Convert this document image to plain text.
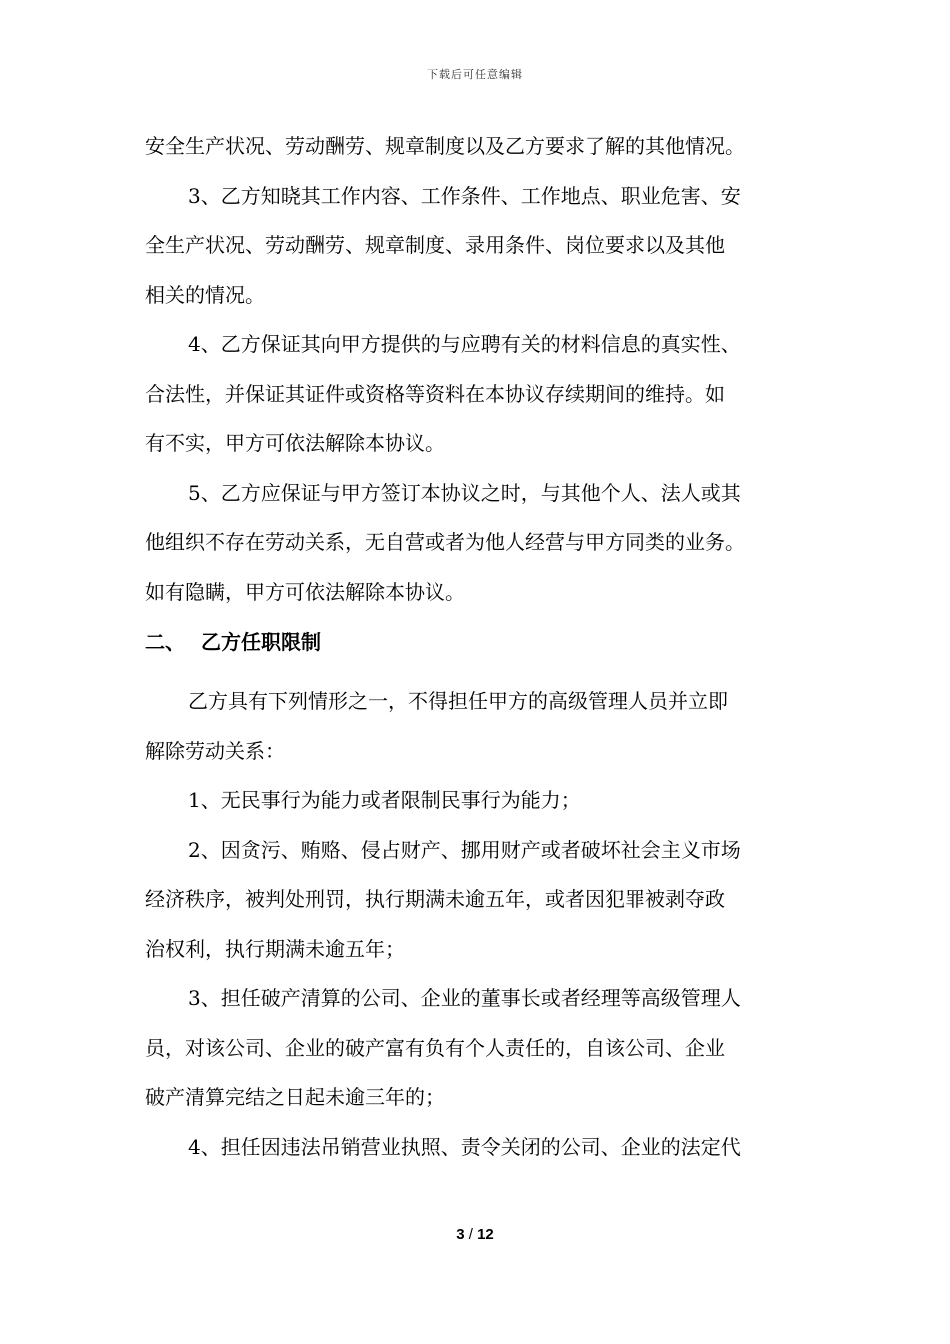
下载后可任意编辑
安全生产状况、劳动酬劳、规章制度以及乙方要求了解的其他情况。
3、乙方知晓其工作内容、工作条件、工作地点、职业危害、安
全生产状况、劳动酬劳、规章制度、录用条件、岗位要求以及其他
相关的情况。
4、乙方保证其向甲方提供的与应聘有关的材料信息的真实性、
合法性，并保证其证件或资格等资料在本协议存续期间的维持。如
有不实，甲方可依法解除本协议。
5、乙方应保证与甲方签订本协议之时，与其他个人、法人或其
他组织不存在劳动关系，无自营或者为他人经营与甲方同类的业务。
如有隐瞒，甲方可依法解除本协议。
二、 乙方任职限制
乙方具有下列情形之一，不得担任甲方的高级管理人员并立即
解除劳动关系：
1、无民事行为能力或者限制民事行为能力；
2、因贪污、贿赂、侵占财产、挪用财产或者破坏社会主义市场
经济秩序，被判处刑罚，执行期满未逾五年，或者因犯罪被剥夺政
治权利，执行期满未逾五年；
3、担任破产清算的公司、企业的董事长或者经理等高级管理人
员，对该公司、企业的破产富有负有个人责任的，自该公司、企业
破产清算完结之日起未逾三年的；
4、担任因违法吊销营业执照、责令关闭的公司、企业的法定代
3 / 12
